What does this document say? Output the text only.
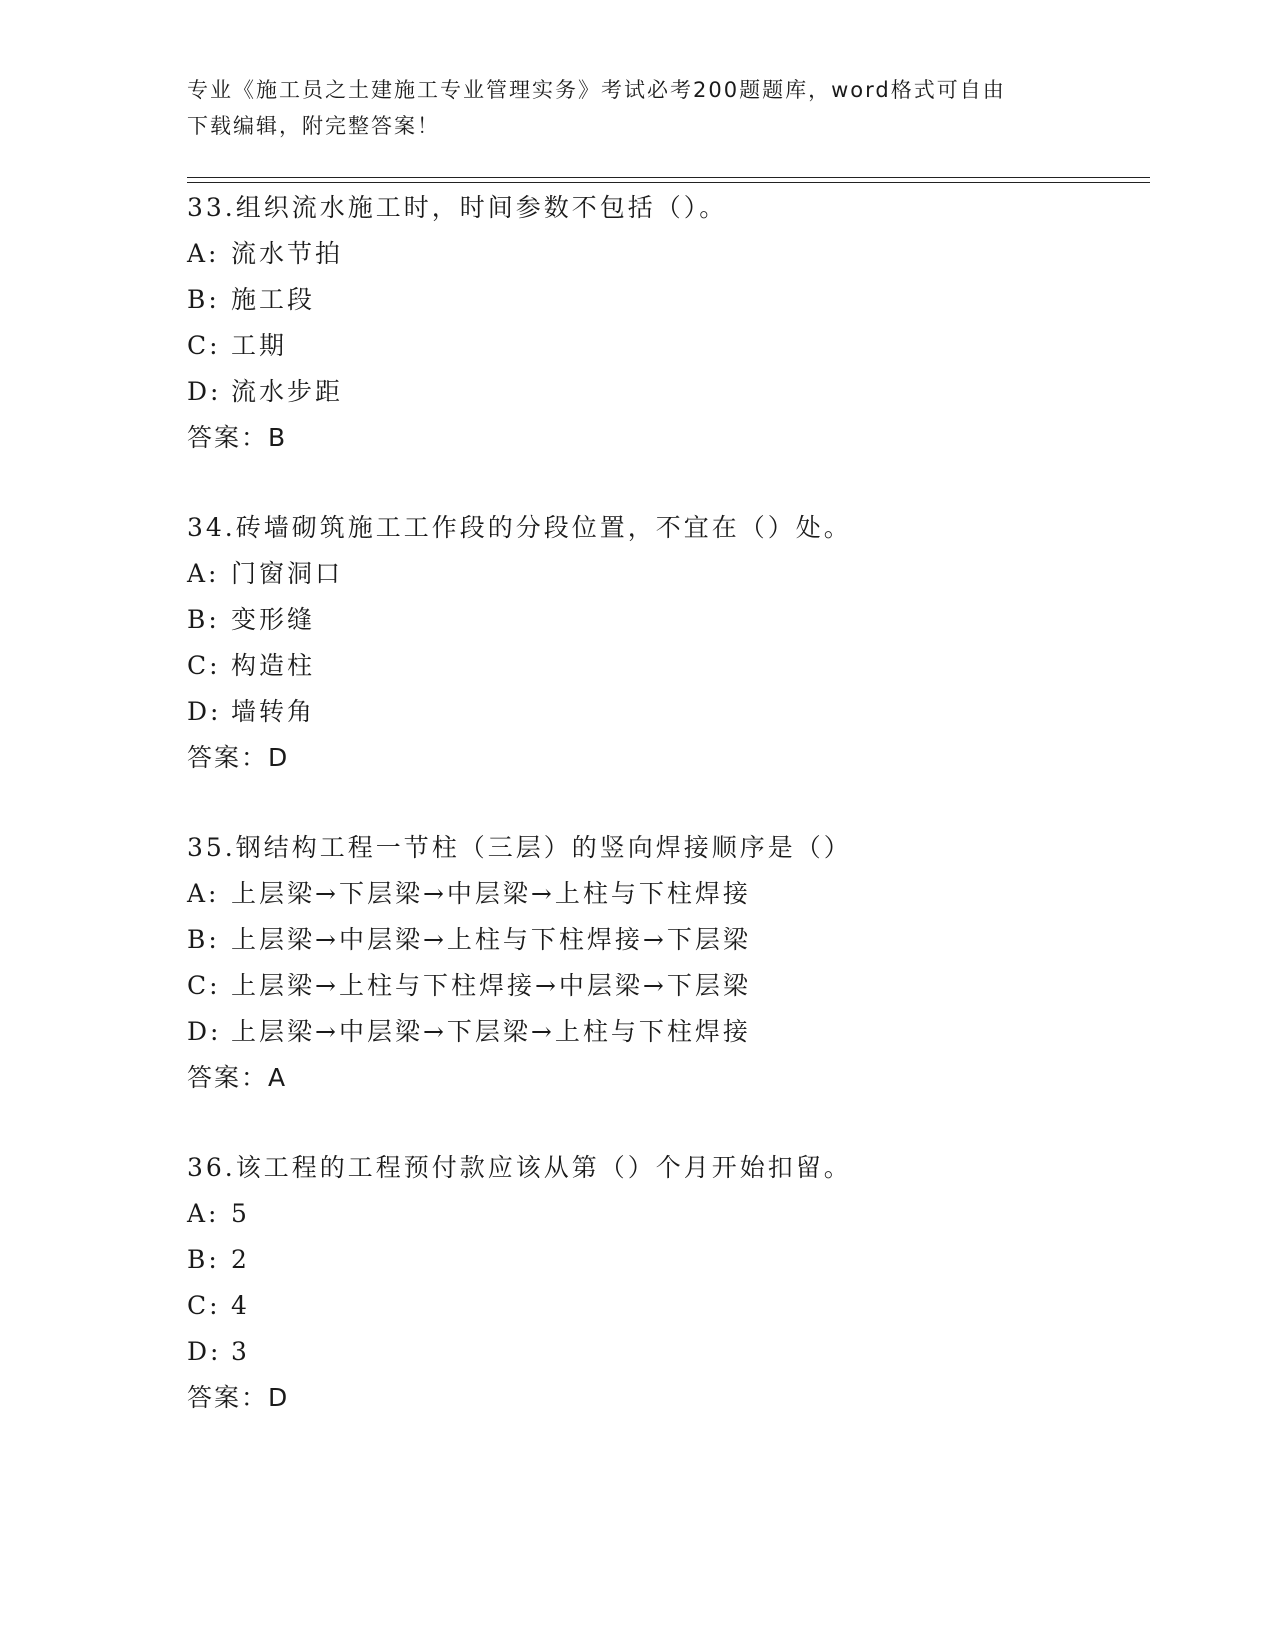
专业《施工员之土建施工专业管理实务》考试必考200题题库，word格式可自由
下载编辑，附完整答案！
33.组织流水施工时，时间参数不包括（）。
A: 流水节拍
B: 施工段
C: 工期
D: 流水步距
答案：B
34.砖墙砌筑施工工作段的分段位置，不宜在（）处。
A: 门窗洞口
B: 变形缝
C: 构造柱
D: 墙转角
答案：D
35.钢结构工程一节柱（三层）的竖向焊接顺序是（）
A: 上层梁→下层梁→中层梁→上柱与下柱焊接
B: 上层梁→中层梁→上柱与下柱焊接→下层梁
C: 上层梁→上柱与下柱焊接→中层梁→下层梁
D: 上层梁→中层梁→下层梁→上柱与下柱焊接
答案：A
36.该工程的工程预付款应该从第（）个月开始扣留。
A: 5
B: 2
C: 4
D: 3
答案：D
